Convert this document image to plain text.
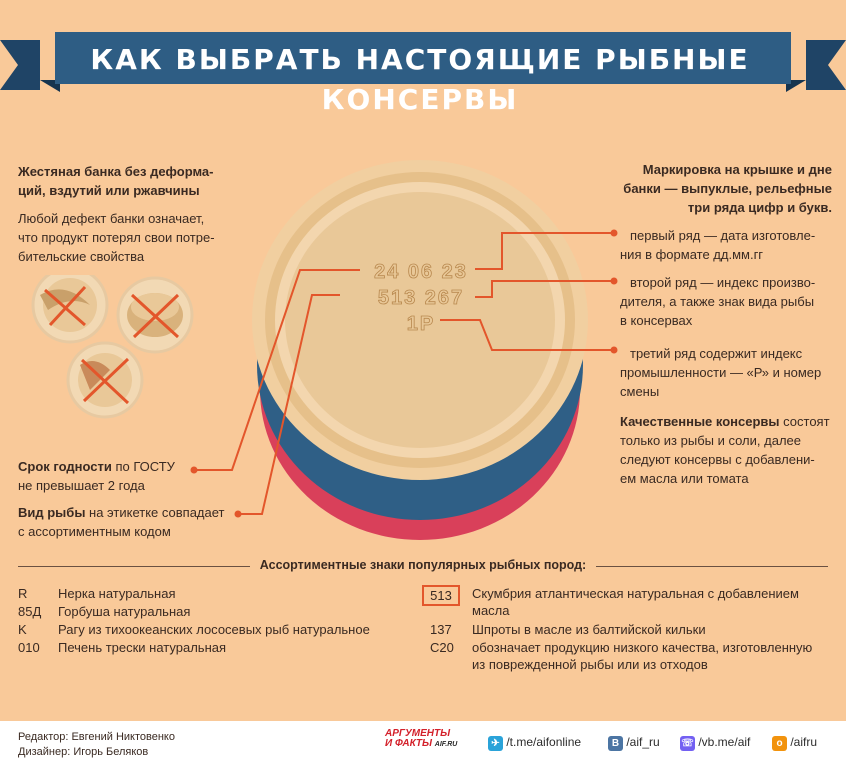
КАК ВЫБРАТЬ НАСТОЯЩИЕ РЫБНЫЕ КОНСЕРВЫ
Жестяная банка без деформа-
ций, вздутий или ржавчины
Любой дефект банки означает,
что продукт потерял свои потре-
бительские свойства
24 06 23
513 267
1Р
Маркировка на крышке и дне
банки — выпуклые, рельефные
три ряда цифр и букв.
первый ряд — дата изготовле-
ния в формате дд.мм.гг
второй ряд — индекс произво-
дителя, а также знак вида рыбы
в консервах
третий ряд содержит индекс
промышленности — «Р» и номер
смены
Качественные консервы состоят
только из рыбы и соли, далее
следуют консервы с добавлени-
ем масла или томата
Срок годности по ГОСТУ
не превышает 2 года
Вид рыбы на этикетке совпадает
с ассортиментным кодом
Ассортиментные знаки популярных рыбных пород:
R	Нерка натуральная
85Д	Горбуша натуральная
K	Рагу из тихоокеанских лососевых рыб натуральное
010	Печень трески натуральная
513	Скумбрия атлантическая натуральная с добавлением
масла
137 Шпроты в масле из балтийской кильки
С20 обозначает продукцию низкого качества, изготовленную
из поврежденной рыбы или из отходов
Редактор: Евгений Никтовенко
Дизайнер: Игорь Беляков
АРГУМЕНТЫ
И ФАКТЫ AIF.RU	✈ /t.me/aifonline	B /aif_ru ☏ /vb.me/aif	o /aifru
